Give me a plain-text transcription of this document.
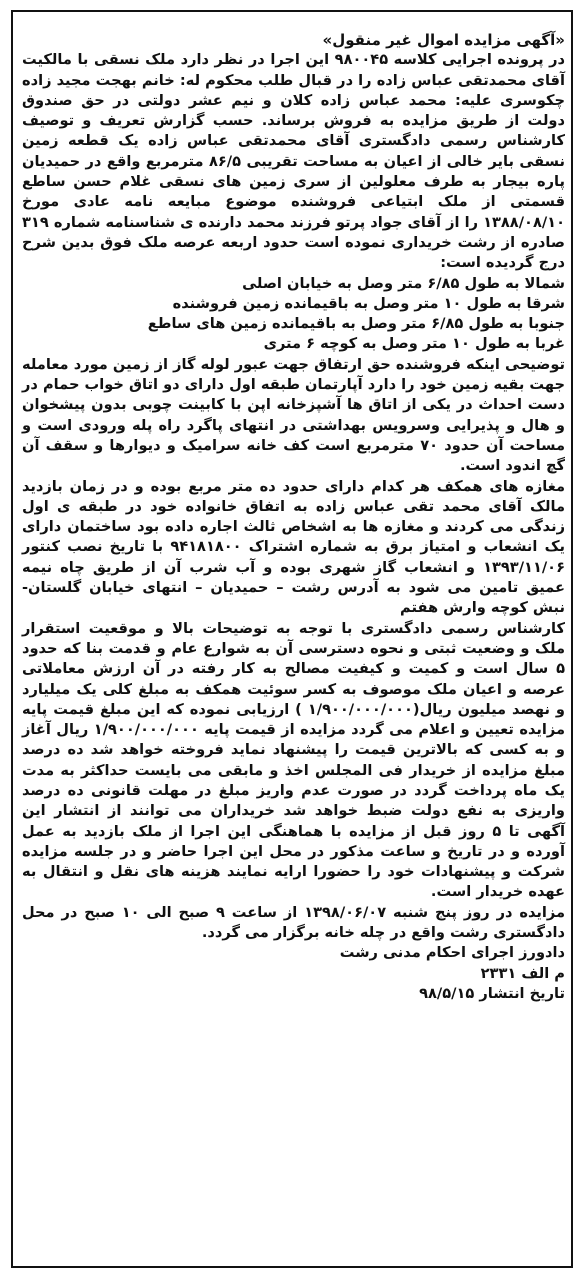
«آگهی مزایده اموال غیر منقول»

در پرونده اجرایی کلاسه ۹۸۰۰۴۵ این اجرا در نظر دارد ملک نسقی با مالکیت آقای محمدتقی عباس زاده را در قبال طلب محکوم له: خانم بهجت مجید زاده چکوسری علیه: محمد عباس زاده کلان و نیم عشر دولتی در حق صندوق دولت از طریق مزایده به فروش برساند. حسب گزارش تعریف و توصیف کارشناس رسمی دادگستری آقای محمدتقی عباس زاده یک قطعه زمین نسقی بایر خالی از اعیان به مساحت تقریبی ۸۶/۵ مترمربع واقع در حمیدیان پاره بیجار به طرف معلولین از سری زمین های نسقی غلام حسن ساطع قسمتی از ملک ابتیاعی فروشنده موضوع مبایعه نامه عادی مورخ ۱۳۸۸/۰۸/۱۰ را از آقای جواد پرتو فرزند محمد دارنده ی شناسنامه شماره ۳۱۹ صادره از رشت خریداری نموده است حدود اربعه عرصه ملک فوق بدین شرح درج گردیده است:

شمالا به طول ۶/۸۵ متر وصل به خیابان اصلی

شرقا به طول ۱۰ متر وصل به باقیمانده زمین فروشنده

جنوبا به طول ۶/۸۵ متر وصل به باقیمانده زمین های ساطع

غربا به طول ۱۰ متر وصل به کوچه ۶ متری

توضیحی اینکه فروشنده حق ارتفاق جهت عبور لوله گاز از زمین مورد معامله جهت بقیه زمین خود را دارد آپارتمان طبقه اول دارای دو اتاق خواب حمام در دست احداث در یکی از اتاق ها آشپزخانه اپن با کابینت چوبی بدون پیشخوان و هال و پذیرایی وسرویس بهداشتی در انتهای پاگرد راه پله ورودی است و مساحت آن حدود ۷۰ مترمربع است کف خانه سرامیک و دیوارها و سقف آن گچ اندود است.

مغازه های همکف هر کدام دارای حدود ده متر مربع بوده و در زمان بازدید مالک آقای محمد تقی عباس زاده به اتفاق خانواده خود در طبقه ی اول زندگی می کردند و مغازه ها به اشخاص ثالث اجاره داده بود ساختمان دارای یک انشعاب و امتیاز برق به شماره اشتراک ۹۴۱۸۱۸۰۰ با تاریخ نصب کنتور ۱۳۹۳/۱۱/۰۶ و انشعاب گاز شهری بوده و آب شرب آن از طریق چاه نیمه عمیق تامین می شود به آدرس رشت – حمیدیان – انتهای خیابان گلستان- نبش کوچه وارش هفتم

کارشناس رسمی دادگستری با توجه به توضیحات بالا و موقعیت استقرار ملک و وضعیت ثبتی و نحوه دسترسی آن به شوارع عام و قدمت بنا که حدود ۵ سال است و کمیت و کیفیت مصالح به کار رفته در آن ارزش معاملاتی عرصه و اعیان ملک موصوف به کسر سوئیت همکف به مبلغ کلی یک میلیارد و نهصد میلیون ریال(۱/۹۰۰/۰۰۰/۰۰۰ ) ارزیابی نموده که این مبلغ قیمت پایه مزایده تعیین و اعلام می گردد مزایده از قیمت پایه ۱/۹۰۰/۰۰۰/۰۰۰ ریال آغاز و به کسی که بالاترین قیمت را پیشنهاد نماید فروخته خواهد شد ده درصد مبلغ مزایده از خریدار فی المجلس اخذ و مابقی می بایست حداکثر به مدت یک ماه پرداخت گردد در صورت عدم واریز مبلغ در مهلت قانونی ده درصد واریزی به نفع دولت ضبط خواهد شد خریداران می توانند از انتشار این آگهی تا ۵ روز قبل از مزایده با هماهنگی این اجرا از ملک بازدید به عمل آورده و در تاریخ و ساعت مذکور در محل این اجرا حاضر و در جلسه مزایده شرکت و پیشنهادات خود را حضورا ارایه نمایند هزینه های نقل و انتقال به عهده خریدار است.

مزایده در روز پنج شنبه ۱۳۹۸/۰۶/۰۷ از ساعت ۹ صبح الی ۱۰ صبح در محل دادگستری رشت واقع در چله خانه برگزار می گردد.

دادورز اجرای احکام مدنی رشت

م الف ۲۳۳۱

تاریخ انتشار ۹۸/۵/۱۵
